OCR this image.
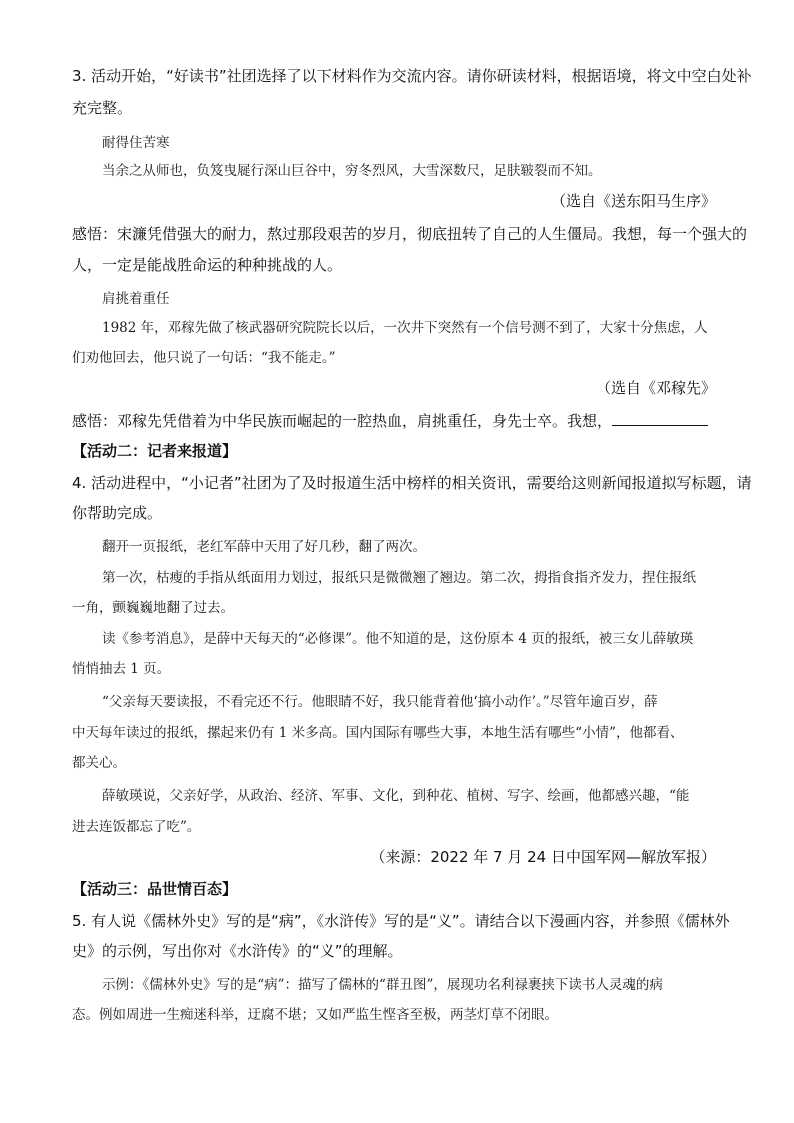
3. 活动开始，“好读书”社团选择了以下材料作为交流内容。请你研读材料，根据语境，将文中空白处补
充完整。
耐得住苦寒
当余之从师也，负笈曳屣行深山巨谷中，穷冬烈风，大雪深数尺，足肤皲裂而不知。
（选自《送东阳马生序》
感悟：宋濂凭借强大的耐力，熬过那段艰苦的岁月，彻底扭转了自己的人生僵局。我想，每一个强大的
人，一定是能战胜命运的种种挑战的人。
肩挑着重任
1982 年，邓稼先做了核武器研究院院长以后，一次井下突然有一个信号测不到了，大家十分焦虑，人
们劝他回去，他只说了一句话：“我不能走。”
（选自《邓稼先》
感悟：邓稼先凭借着为中华民族而崛起的一腔热血，肩挑重任，身先士卒。我想，
【活动二：记者来报道】
4. 活动进程中，“小记者”社团为了及时报道生活中榜样的相关资讯，需要给这则新闻报道拟写标题，请
你帮助完成。
翻开一页报纸，老红军薛中天用了好几秒，翻了两次。
第一次，枯瘦的手指从纸面用力划过，报纸只是微微翘了翘边。第二次，拇指食指齐发力，捏住报纸
一角，颤巍巍地翻了过去。
读《参考消息》，是薛中天每天的“必修课”。他不知道的是，这份原本 4 页的报纸，被三女儿薛敏瑛
悄悄抽去 1 页。
“父亲每天要读报，不看完还不行。他眼睛不好，我只能背着他‘搞小动作’。”尽管年逾百岁，薛
中天每年读过的报纸，摞起来仍有 1 米多高。国内国际有哪些大事，本地生活有哪些“小情”，他都看、
都关心。
薛敏瑛说，父亲好学，从政治、经济、军事、文化，到种花、植树、写字、绘画，他都感兴趣，“能
进去连饭都忘了吃”。
（来源：2022 年 7 月 24 日中国军网—解放军报）
【活动三：品世情百态】
5. 有人说《儒林外史》写的是“病”，《水浒传》写的是“义”。请结合以下漫画内容，并参照《儒林外
史》的示例，写出你对《水浒传》的“义”的理解。
示例：《儒林外史》写的是“病”：描写了儒林的“群丑图”，展现功名利禄裹挟下读书人灵魂的病
态。例如周进一生痴迷科举，迂腐不堪；又如严监生悭吝至极，两茎灯草不闭眼。
